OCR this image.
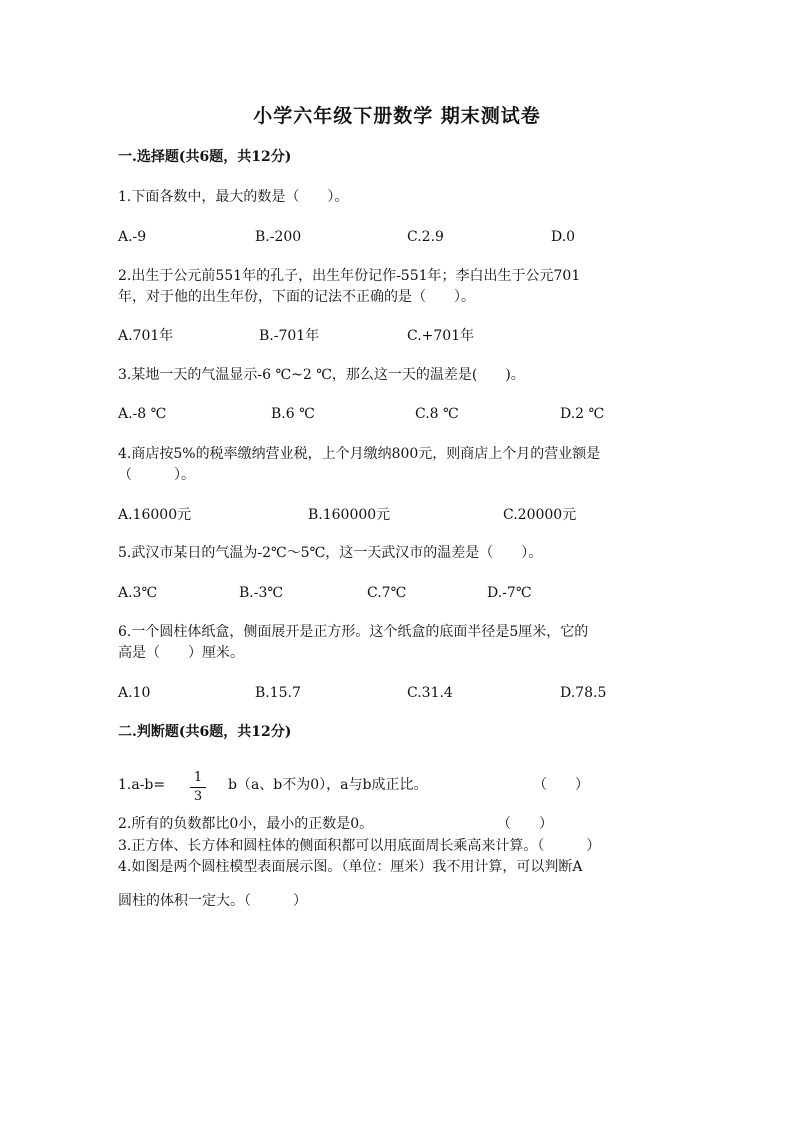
小学六年级下册数学 期末测试卷
一.选择题(共6题，共12分)
1.下面各数中，最大的数是（　　）。
A.-9	B.-200	C.2.9	D.0
2.出生于公元前551年的孔子，出生年份记作-551年；李白出生于公元701
年，对于他的出生年份，下面的记法不正确的是（　　）。
A.701年	B.-701年	C.+701年
3.某地一天的气温显示-6 ℃~2 ℃，那么这一天的温差是(　　)。
A.-8 ℃	B.6 ℃	C.8 ℃	D.2 ℃
4.商店按5%的税率缴纳营业税，上个月缴纳800元，则商店上个月的营业额是
（　　　）。
A.16000元	B.160000元	C.20000元
5.武汉市某日的气温为-2℃～5℃，这一天武汉市的温差是（　　）。
A.3℃	B.-3℃	C.7℃	D.-7℃
6.一个圆柱体纸盒，侧面展开是正方形。这个纸盒的底面半径是5厘米，它的
高是（　　）厘米。
A.10	B.15.7	C.31.4	D.78.5
二.判断题(共6题，共12分)
1.a-b= 1
3
b（a、b不为0），a与b成正比。	（　　）
2.所有的负数都比0小，最小的正数是0。	（　　）
3.正方体、长方体和圆柱体的侧面积都可以用底面周长乘高来计算。（　　　）
4.如图是两个圆柱模型表面展示图。（单位：厘米）我不用计算，可以判断A
圆柱的体积一定大。（　　　）
